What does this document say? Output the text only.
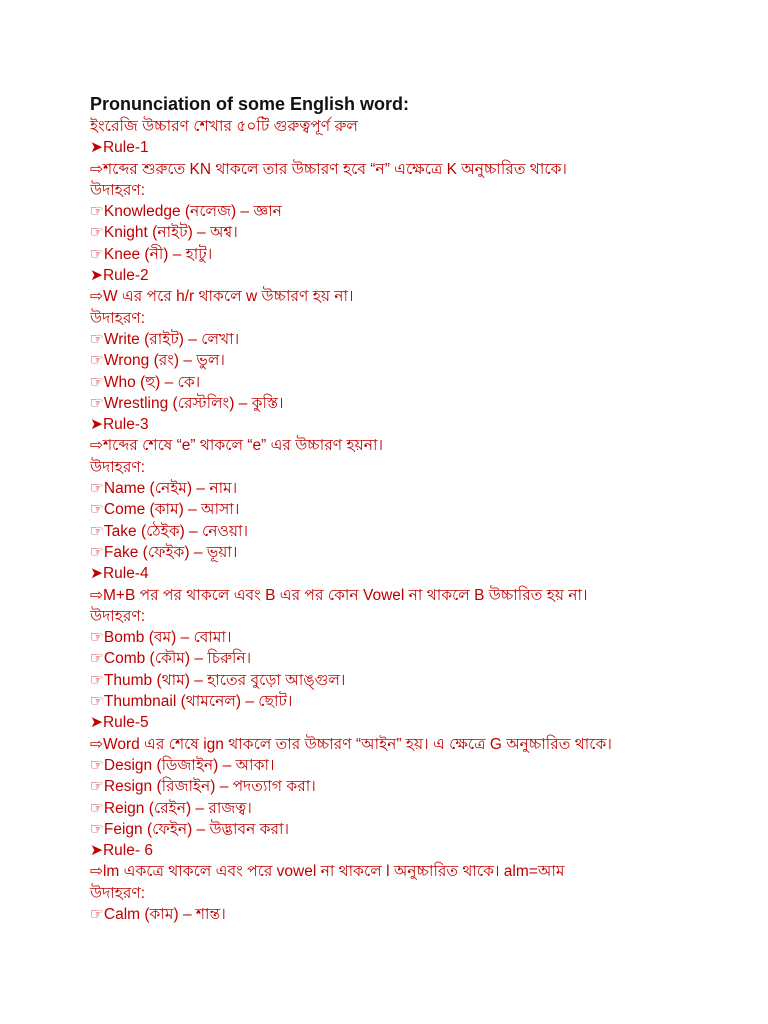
Pronunciation of some English word:
ইংরেজি উচ্চারণ শেখার ৫০টি গুরুত্বপূর্ণ রুল
➤Rule-1
⇨শব্দের শুরুতে KN থাকলে তার উচ্চারণ হবে “ন” এক্ষেত্রে K অনুচ্চারিত থাকে।
উদাহরণ:
☞Knowledge (নলেজ) – জ্ঞান
☞Knight (নাইট) – অশ্ব।
☞Knee (নী) – হাটু।
➤Rule-2
⇨W এর পরে h/r থাকলে w উচ্চারণ হয় না।
উদাহরণ:
☞Write (রাইট) – লেখা।
☞Wrong (রং) – ভুল।
☞Who (হু) – কে।
☞Wrestling (রেস্টলিং) – কুস্তি।
➤Rule-3
⇨শব্দের শেষে “e” থাকলে “e” এর উচ্চারণ হয়না।
উদাহরণ:
☞Name (নেইম) – নাম।
☞Come (কাম) – আসা।
☞Take (ঠেইক) – নেওয়া।
☞Fake (ফেইক) – ভূয়া।
➤Rule-4
⇨M+B পর পর থাকলে এবং B এর পর কোন Vowel না থাকলে B উচ্চারিত হয় না।
উদাহরণ:
☞Bomb (বম) – বোমা।
☞Comb (কৌম) – চিরুনি।
☞Thumb (থাম) – হাতের বুড়ো আঙ্গুল।
☞Thumbnail (থামনেল) – ছোট।
➤Rule-5
⇨Word এর শেষে ign থাকলে তার উচ্চারণ “আইন” হয়। এ ক্ষেত্রে G অনুচ্চারিত থাকে।
☞Design (ডিজাইন) – আকা।
☞Resign (রিজাইন) – পদত্যাগ করা।
☞Reign (রেইন) – রাজত্ব।
☞Feign (ফেইন) – উদ্ভাবন করা।
➤Rule- 6
⇨lm একত্রে থাকলে এবং পরে vowel না থাকলে l অনুচ্চারিত থাকে। alm=আম
উদাহরণ:
☞Calm (কাম) – শান্ত।
